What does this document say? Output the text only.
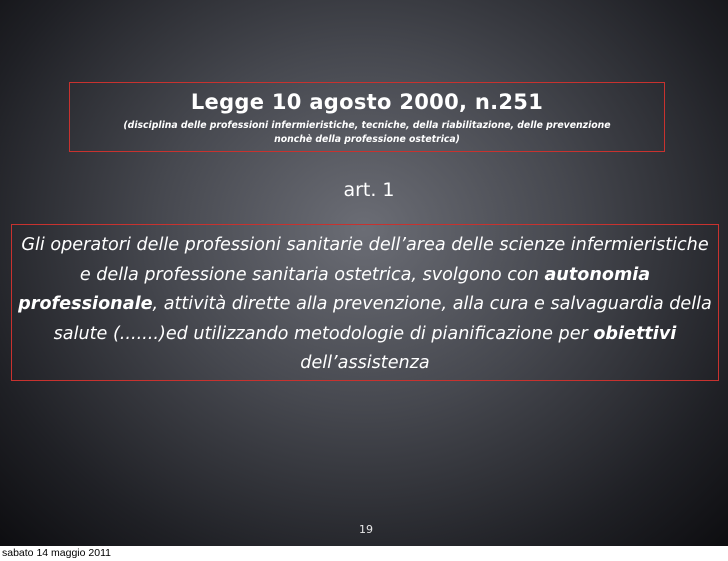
Legge 10 agosto 2000, n.251
(disciplina delle professioni infermieristiche, tecniche, della riabilitazione, delle prevenzione
nonchè della professione ostetrica)
art. 1
Gli operatori delle professioni sanitarie dell’area delle scienze infermieristiche e della professione sanitaria ostetrica, svolgono con autonomia professionale, attività dirette alla prevenzione, alla cura e salvaguardia della salute (.......)ed utilizzando metodologie di pianificazione per obiettivi dell’assistenza
19
sabato 14 maggio 2011
